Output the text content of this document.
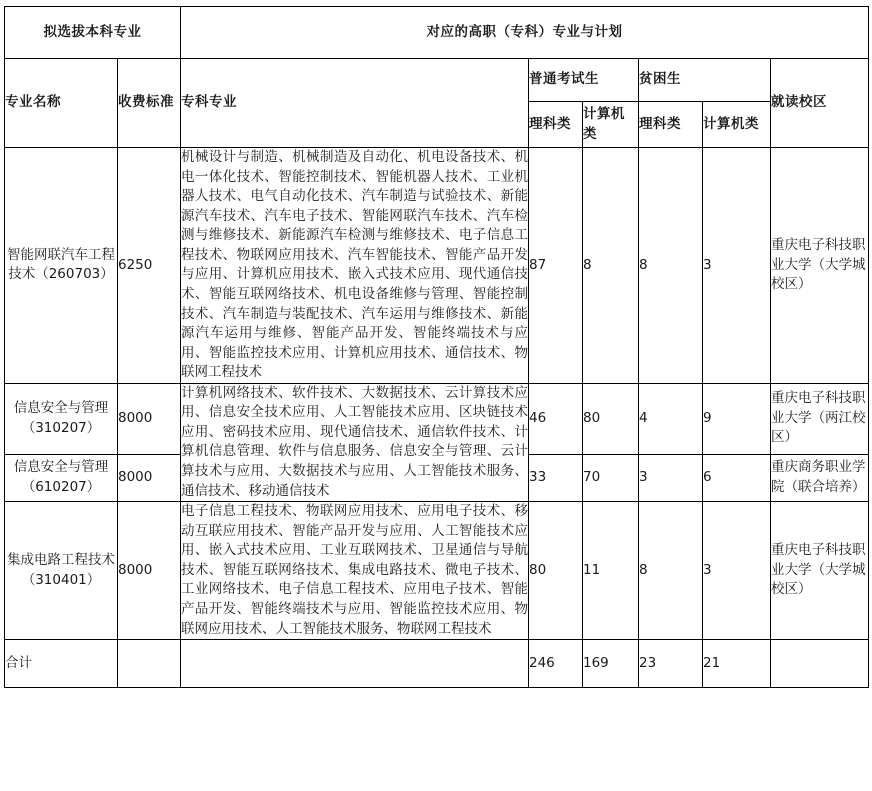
拟选拔本科专业		对应的高职（专科）专业与计划					
专业名称	收费标准	专科专业	普通考试生		贫困生		就读校区
			理科类	计算机类	理科类	计算机类	
智能网联汽车工程技术（260703）	6250	机械设计与制造、机械制造及自动化、机电设备技术、机电一体化技术、智能控制技术、智能机器人技术、工业机器人技术、电气自动化技术、汽车制造与试验技术、新能源汽车技术、汽车电子技术、智能网联汽车技术、汽车检测与维修技术、新能源汽车检测与维修技术、电子信息工程技术、物联网应用技术、汽车智能技术、智能产品开发与应用、计算机应用技术、嵌入式技术应用、现代通信技术、智能互联网络技术、机电设备维修与管理、智能控制技术、汽车制造与装配技术、汽车运用与维修技术、新能源汽车运用与维修、智能产品开发、智能终端技术与应用、智能监控技术应用、计算机应用技术、通信技术、物联网工程技术	87	8	8	3	重庆电子科技职业大学（大学城校区）
信息安全与管理（310207）	8000	计算机网络技术、软件技术、大数据技术、云计算技术应用、信息安全技术应用、人工智能技术应用、区块链技术应用、密码技术应用、现代通信技术、通信软件技术、计算机信息管理、软件与信息服务、信息安全与管理、云计算技术与应用、大数据技术与应用、人工智能技术服务、通信技术、移动通信技术	46	80	4	9	重庆电子科技职业大学（两江校区）
信息安全与管理（610207）	8000		33	70	3	6	重庆商务职业学院（联合培养）
集成电路工程技术（310401）	8000	电子信息工程技术、物联网应用技术、应用电子技术、移动互联应用技术、智能产品开发与应用、人工智能技术应用、嵌入式技术应用、工业互联网技术、卫星通信与导航技术、智能互联网络技术、集成电路技术、微电子技术、工业网络技术、电子信息工程技术、应用电子技术、智能产品开发、智能终端技术与应用、智能监控技术应用、物联网应用技术、人工智能技术服务、物联网工程技术	80	11	8	3	重庆电子科技职业大学（大学城校区）
合计			246	169	23	21	
